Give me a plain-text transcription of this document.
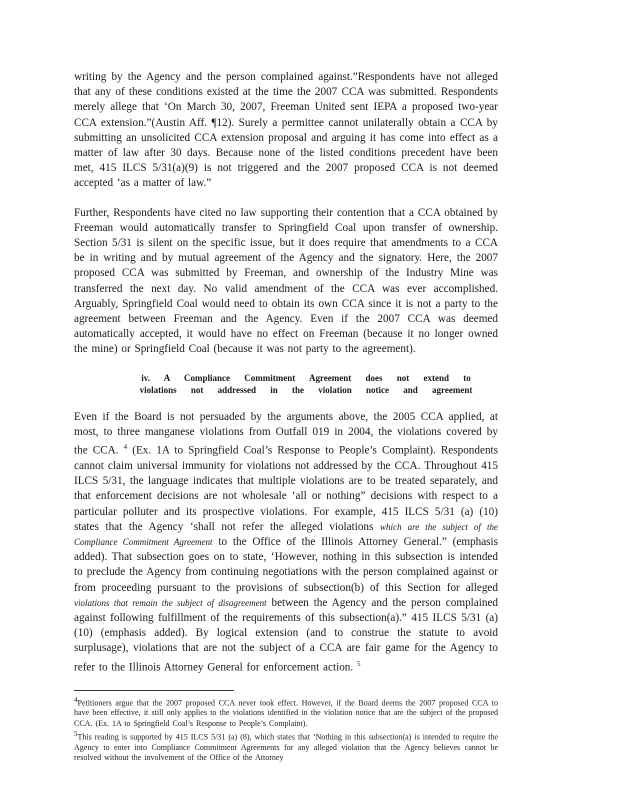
writing by the Agency and the person complained against.”Respondents have not alleged that any of these conditions existed at the time the 2007 CCA was submitted. Respondents merely allege that ‘On March 30, 2007, Freeman United sent IEPA a proposed two-year CCA extension.”(Austin Aff. ¶12). Surely a permittee cannot unilaterally obtain a CCA by submitting an unsolicited CCA extension proposal and arguing it has come into effect as a matter of law after 30 days. Because none of the listed conditions precedent have been met, 415 ILCS 5/31(a)(9) is not triggered and the 2007 proposed CCA is not deemed accepted ‘as a matter of law.”

Further, Respondents have cited no law supporting their contention that a CCA obtained by Freeman would automatically transfer to Springfield Coal upon transfer of ownership. Section 5/31 is silent on the specific issue, but it does require that amendments to a CCA be in writing and by mutual agreement of the Agency and the signatory. Here, the 2007 proposed CCA was submitted by Freeman, and ownership of the Industry Mine was transferred the next day. No valid amendment of the CCA was ever accomplished. Arguably, Springfield Coal would need to obtain its own CCA since it is not a party to the agreement between Freeman and the Agency. Even if the 2007 CCA was deemed automatically accepted, it would have no effect on Freeman (because it no longer owned the mine) or Springfield Coal (because it was not party to the agreement).

iv. A Compliance Commitment Agreement does not extend to
violations not addressed in the violation notice and agreement

Even if the Board is not persuaded by the arguments above, the 2005 CCA applied, at most, to three manganese violations from Outfall 019 in 2004, the violations covered by the CCA. $^4$ (Ex. 1A to Springfield Coal’s Response to People’s Complaint). Respondents cannot claim universal immunity for violations not addressed by the CCA. Throughout 415 ILCS 5/31, the language indicates that multiple violations are to be treated separately, and that enforcement decisions are not wholesale ‘all or nothing” decisions with respect to a particular polluter and its prospective violations. For example, 415 ILCS 5/31 (a) (10) states that the Agency ‘shall not refer the alleged violations which are the subject of the Compliance Commitment Agreement to the Office of the Illinois Attorney General.” (emphasis added). That subsection goes on to state, ‘However, nothing in this subsection is intended to preclude the Agency from continuing negotiations with the person complained against or from proceeding pursuant to the provisions of subsection(b) of this Section for alleged violations that remain the subject of disagreement between the Agency and the person complained against following fulfillment of the requirements of this subsection(a).” 415 ILCS 5/31 (a) (10) (emphasis added). By logical extension (and to construe the statute to avoid surplusage), violations that are not the subject of a CCA are fair game for the Agency to refer to the Illinois Attorney General for enforcement action. $^5$

$^4$Petitioners argue that the 2007 proposed CCA never took effect. However, if the Board deems the 2007 proposed CCA to have been effective, it still only applies to the violations identified in the violation notice that are the subject of the proposed CCA. (Ex. 1A to Springfield Coal’s Response to People’s Complaint).

$^5$This reading is supported by 415 ILCS 5/31 (a) (8), which states that ‘Nothing in this subsection(a) is intended to require the Agency to enter into Compliance Commitment Agreements for any alleged violation that the Agency believes cannot be resolved without the involvement of the Office of the Attorney
